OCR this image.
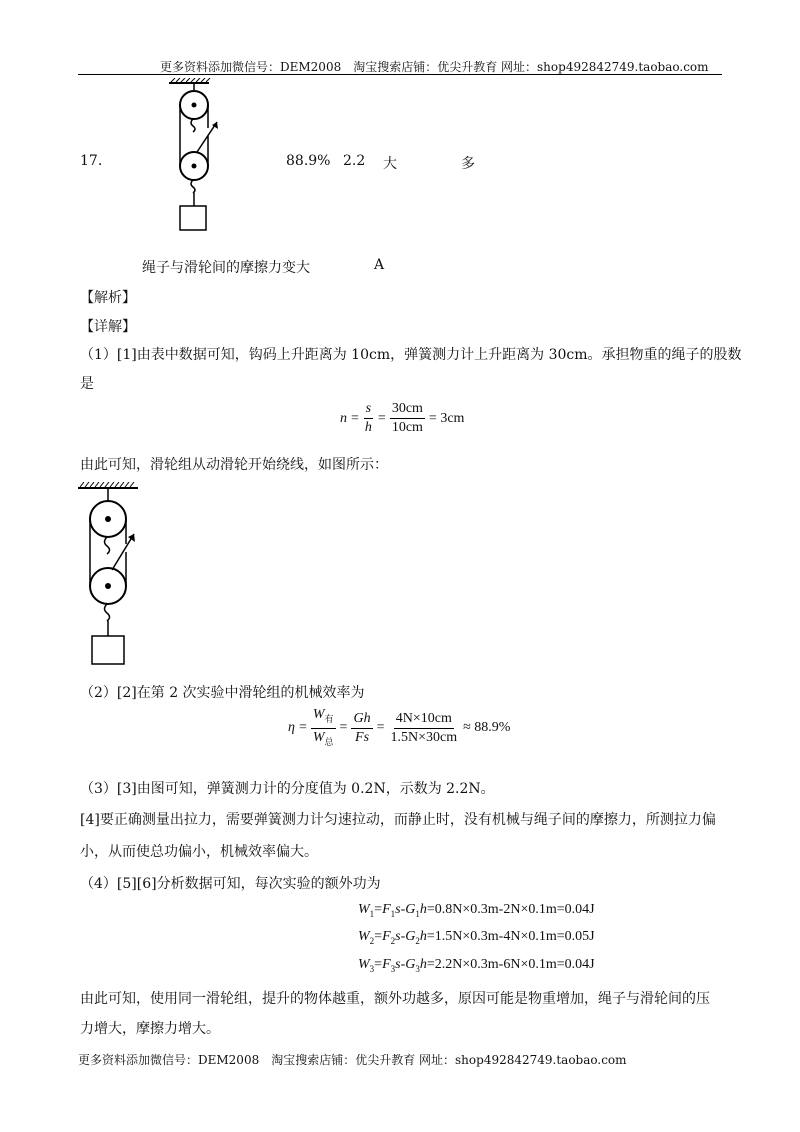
更多资料添加微信号：DEM2008　淘宝搜索店铺：优尖升教育 网址：shop492842749.taobao.com
17.	88.9% 2.2 大	多
绳子与滑轮间的摩擦力变大	A
【解析】
【详解】
（1）[1]由表中数据可知，钩码上升距离为 10cm，弹簧测力计上升距离为 30cm。承担物重的绳子的股数
是
$n = \frac{s}{h} = \frac{30cm}{10cm} = 3cm$
由此可知，滑轮组从动滑轮开始绕线，如图所示：
（2）[2]在第 2 次实验中滑轮组的机械效率为
$\eta = \frac{W_有}{W_总} = \frac{Gh}{Fs} = \frac{4N\times 10cm}{1.5N\times 30cm} \approx 88.9\%$
（3）[3]由图可知，弹簧测力计的分度值为 0.2N，示数为 2.2N。
[4]要正确测量出拉力，需要弹簧测力计匀速拉动，而静止时，没有机械与绳子间的摩擦力，所测拉力偏
小，从而使总功偏小，机械效率偏大。
（4）[5][6]分析数据可知，每次实验的额外功为
$W_1=F_1s-G_1h=0.8N\times 0.3m-2N\times 0.1m=0.04J$
$W_2=F_2s-G_2h=1.5N\times 0.3m-4N\times 0.1m=0.05J$
$W_3=F_3s-G_3h=2.2N\times 0.3m-6N\times 0.1m=0.04J$
由此可知，使用同一滑轮组，提升的物体越重，额外功越多，原因可能是物重增加，绳子与滑轮间的压
力增大，摩擦力增大。
更多资料添加微信号：DEM2008　淘宝搜索店铺：优尖升教育 网址：shop492842749.taobao.com
